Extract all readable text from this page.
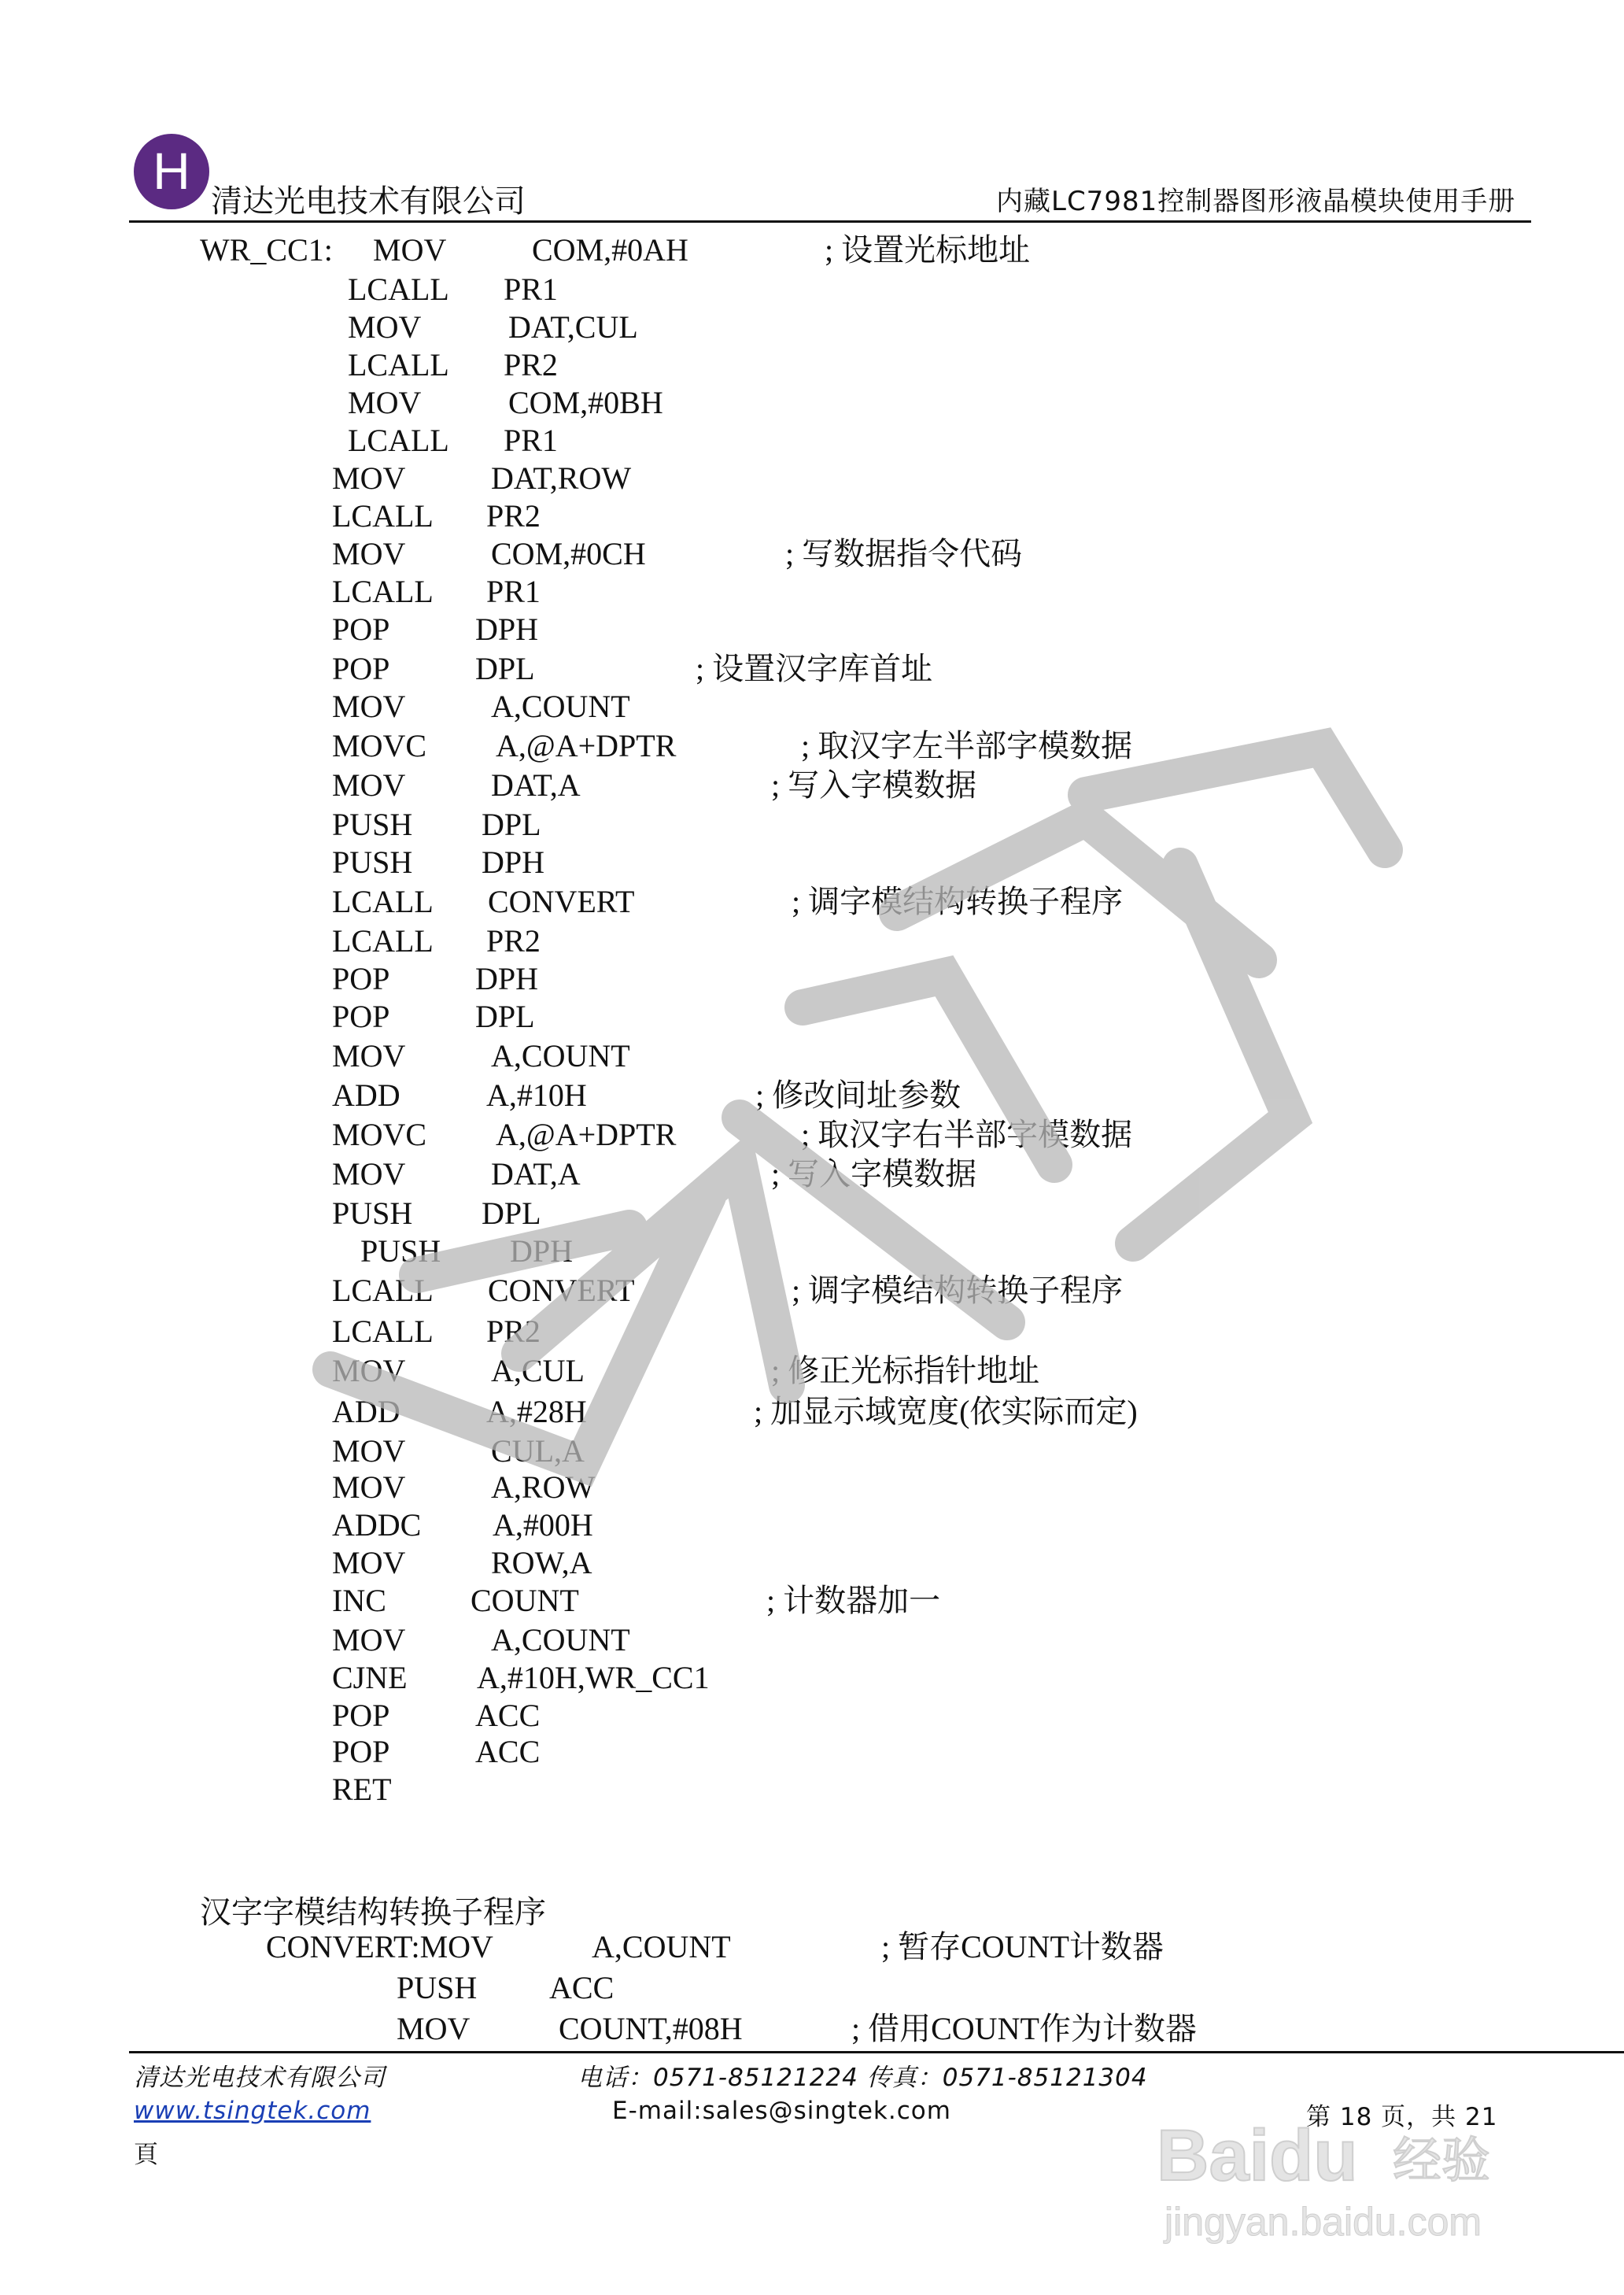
H
清达光电技术有限公司	内藏LC7981控制器图形液晶模块使用手册
WR_CC1: MOV	COM,#0AH	; 设置光标地址
LCALL PR1
MOV	DAT,CUL
LCALL PR2
MOV	COM,#0BH
LCALL PR1
MOV	DAT,ROW
LCALL PR2
MOV	COM,#0CH	; 写数据指令代码
LCALL PR1
POP	DPH
POP	DPL	; 设置汉字库首址
MOV	A,COUNT
MOVC A,@A+DPTR	; 取汉字左半部字模数据
MOV	DAT,A	; 写入字模数据
PUSH DPL
PUSH DPH
LCALL CONVERT	; 调字模结构转换子程序
LCALL PR2
POP	DPH
POP	DPL
MOV	A,COUNT
ADD	A,#10H	; 修改间址参数
MOVC A,@A+DPTR	; 取汉字右半部字模数据
MOV	DAT,A	; 写入字模数据
PUSH DPL
PUSH DPH
LCALL CONVERT	; 调字模结构转换子程序
LCALL PR2
MOV	A,CUL	; 修正光标指针地址
ADD	A,#28H	; 加显示域宽度(依实际而定)
MOV	CUL,A
MOV	A,ROW
ADDC A,#00H
MOV	ROW,A
INC	COUNT	; 计数器加一
MOV	A,COUNT
CJNE A,#10H,WR_CC1
POP	ACC
POP	ACC
RET
汉字字模结构转换子程序
CONVERT:MOV	A,COUNT	; 暂存COUNT计数器
PUSH ACC
MOV	COUNT,#08H	; 借用COUNT作为计数器
清达光电技术有限公司	电话：0571-85121224 传真：0571-85121304
第 18 页，共 21
www.tsingtek.com	E-mail:sales@singtek.com
頁	Baidu 经验
jingyan.baidu.com
